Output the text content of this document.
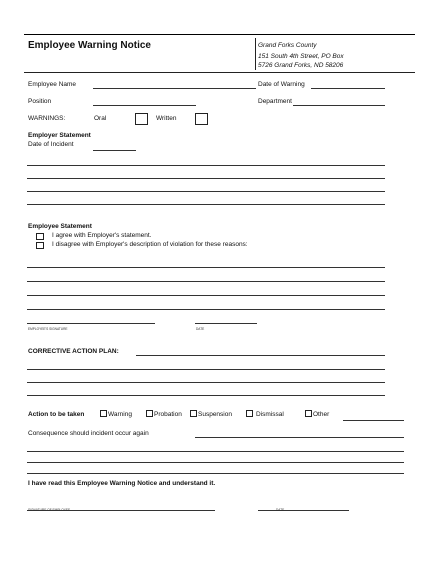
Employee Warning Notice	Grand Forks County
151 South 4th Street, PO Box
5726 Grand Forks, ND 58206
Employee Name	Date of Warning
Position	Department
WARNINGS:	Oral	Written
Employer Statement
Date of Incident
Employee Statement
I agree with Employer's statement.
I disagree with Employer's description of violation for these reasons:
EMPLOYEE'S SIGNATURE	DATE
CORRECTIVE ACTION PLAN:
Action to be taken	Warning	Probation Suspension	Dismissal	Other
Consequence should incident occur again
I have read this Employee Warning Notice and understand it.
SIGNATURE OF EMPLOYEE	DATE
